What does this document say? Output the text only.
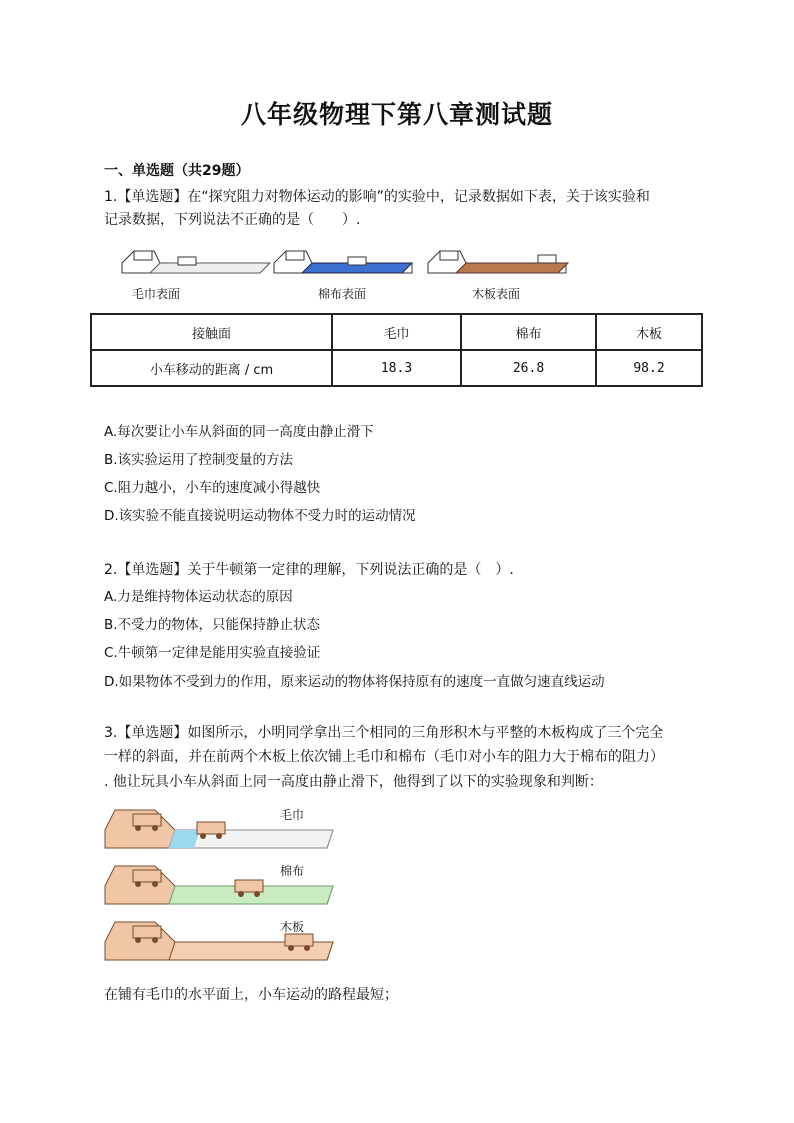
八年级物理下第八章测试题
一、单选题（共29题）
1.【单选题】在“探究阻力对物体运动的影响”的实验中，记录数据如下表，关于该实验和
记录数据，下列说法不正确的是（　　）.
毛巾表面	棉布表面	木板表面
接触面	毛巾	棉布	木板
小车移动的距离 / cm	18.3	26.8	98.2
A.每次要让小车从斜面的同一高度由静止滑下
B.该实验运用了控制变量的方法
C.阻力越小，小车的速度减小得越快
D.该实验不能直接说明运动物体不受力时的运动情况
2.【单选题】关于牛顿第一定律的理解，下列说法正确的是（　）.
A.力是维持物体运动状态的原因
B.不受力的物体，只能保持静止状态
C.牛顿第一定律是能用实验直接验证
D.如果物体不受到力的作用，原来运动的物体将保持原有的速度一直做匀速直线运动
3.【单选题】如图所示，小明同学拿出三个相同的三角形积木与平整的木板构成了三个完全
一样的斜面，并在前两个木板上依次铺上毛巾和棉布（毛巾对小车的阻力大于棉布的阻力）
. 他让玩具小车从斜面上同一高度由静止滑下，他得到了以下的实验现象和判断：
毛巾
棉布
木板
在铺有毛巾的水平面上，小车运动的路程最短；
